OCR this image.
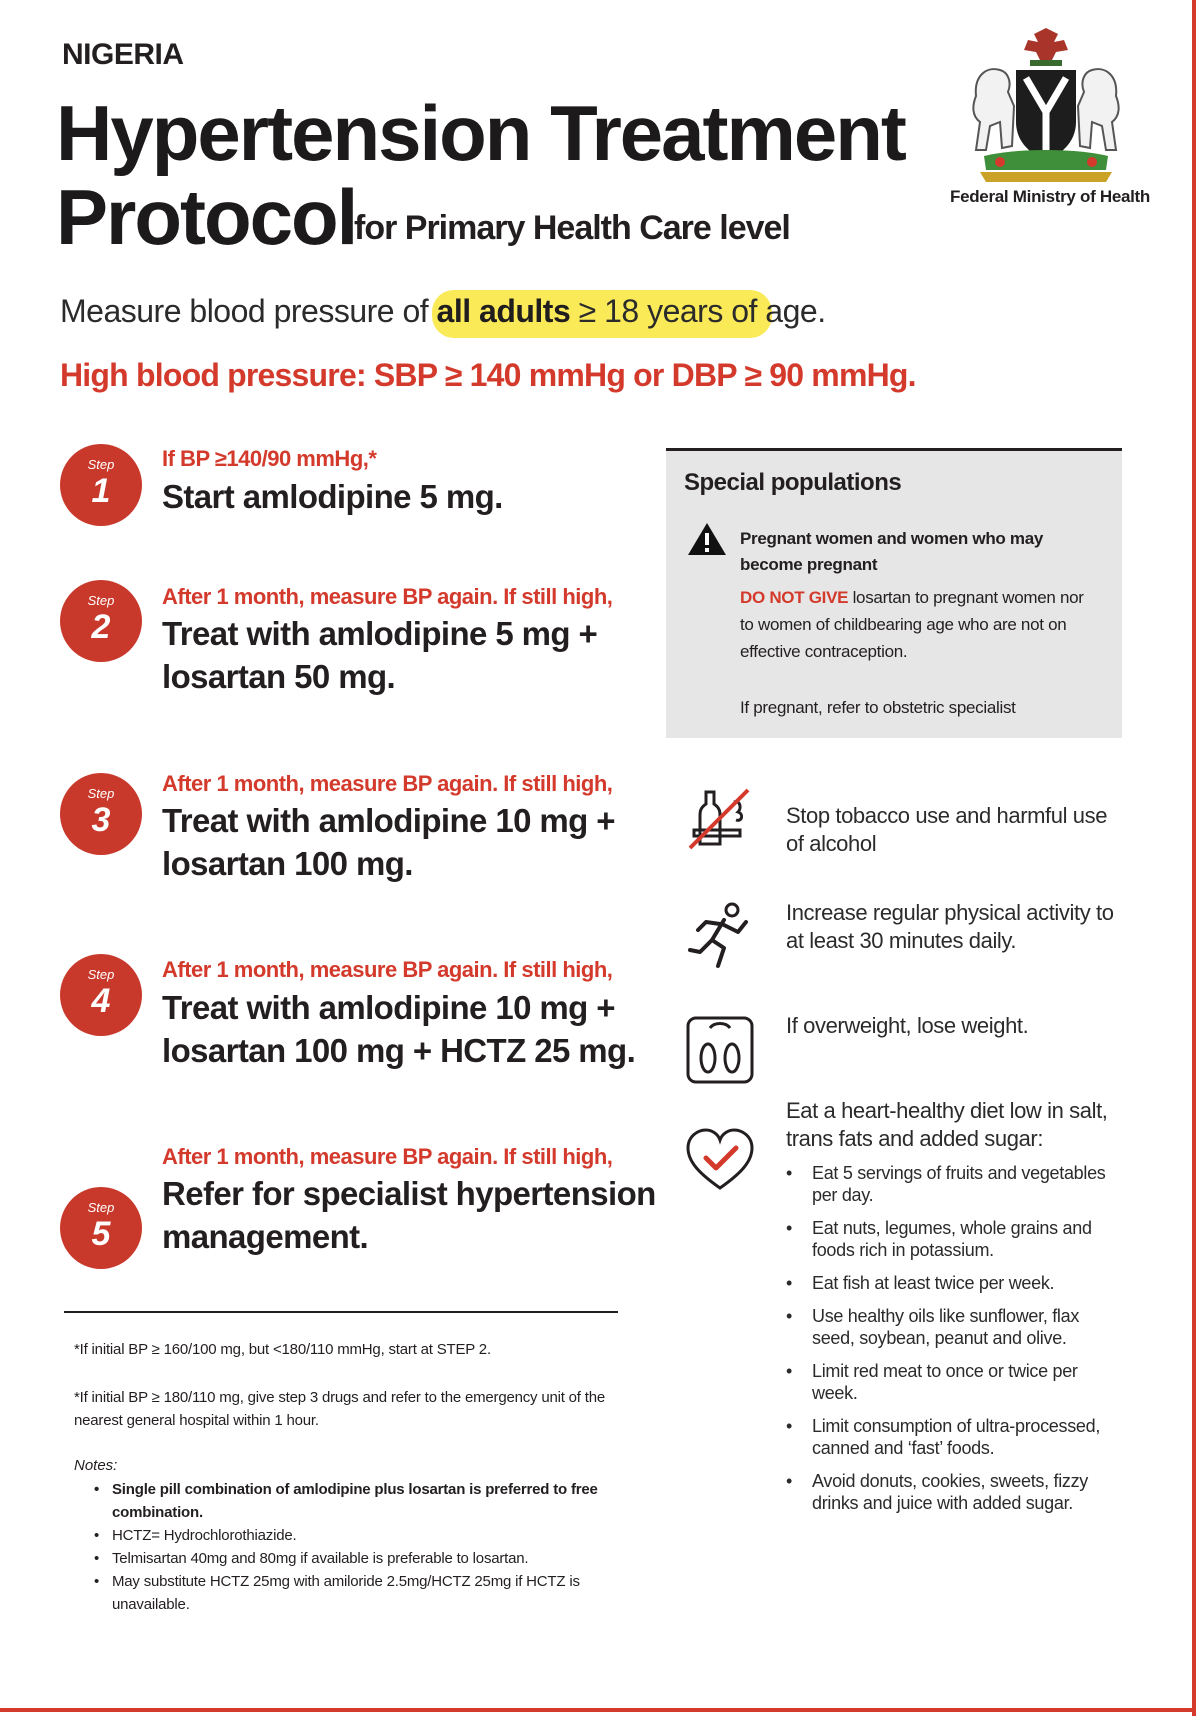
NIGERIA
Hypertension Treatment
Protocol
for Primary Health Care level
Federal Ministry of Health
Measure blood pressure of all adults ≥ 18 years of age.
High blood pressure: SBP ≥ 140 mmHg or DBP ≥ 90 mmHg.
Step
1
If BP ≥140/90 mmHg,*
Start amlodipine 5 mg.
Step
2
After 1 month, measure BP again. If still high,
Treat with amlodipine 5 mg + losartan 50 mg.
Step
3
After 1 month, measure BP again. If still high,
Treat with amlodipine 10 mg + losartan 100 mg.
Step
4
After 1 month, measure BP again. If still high,
Treat with amlodipine 10 mg + losartan 100 mg + HCTZ 25 mg.
Step
5
After 1 month, measure BP again. If still high,
Refer for specialist hypertension management.
*If initial BP ≥ 160/100 mg, but <180/110 mmHg, start at STEP 2.
*If initial BP ≥ 180/110 mg, give step 3 drugs and refer to the emergency unit of the nearest general hospital within 1 hour.
Notes:
• Single pill combination of amlodipine plus losartan is preferred to free combination.
• HCTZ= Hydrochlorothiazide.
• Telmisartan 40mg and 80mg if available is preferable to losartan.
• May substitute HCTZ 25mg with amiloride 2.5mg/HCTZ 25mg if HCTZ is unavailable.
Special populations
Pregnant women and women who may become pregnant
DO NOT GIVE losartan to pregnant women nor to women of childbearing age who are not on effective contraception.
If pregnant, refer to obstetric specialist
Stop tobacco use and harmful use of alcohol
Increase regular physical activity to at least 30 minutes daily.
If overweight, lose weight.
Eat a heart-healthy diet low in salt, trans fats and added sugar:
• Eat 5 servings of fruits and vegetables per day.
• Eat nuts, legumes, whole grains and foods rich in potassium.
• Eat fish at least twice per week.
• Use healthy oils like sunflower, flax seed, soybean, peanut and olive.
• Limit red meat to once or twice per week.
• Limit consumption of ultra-processed, canned and ‘fast’ foods.
• Avoid donuts, cookies, sweets, fizzy drinks and juice with added sugar.
